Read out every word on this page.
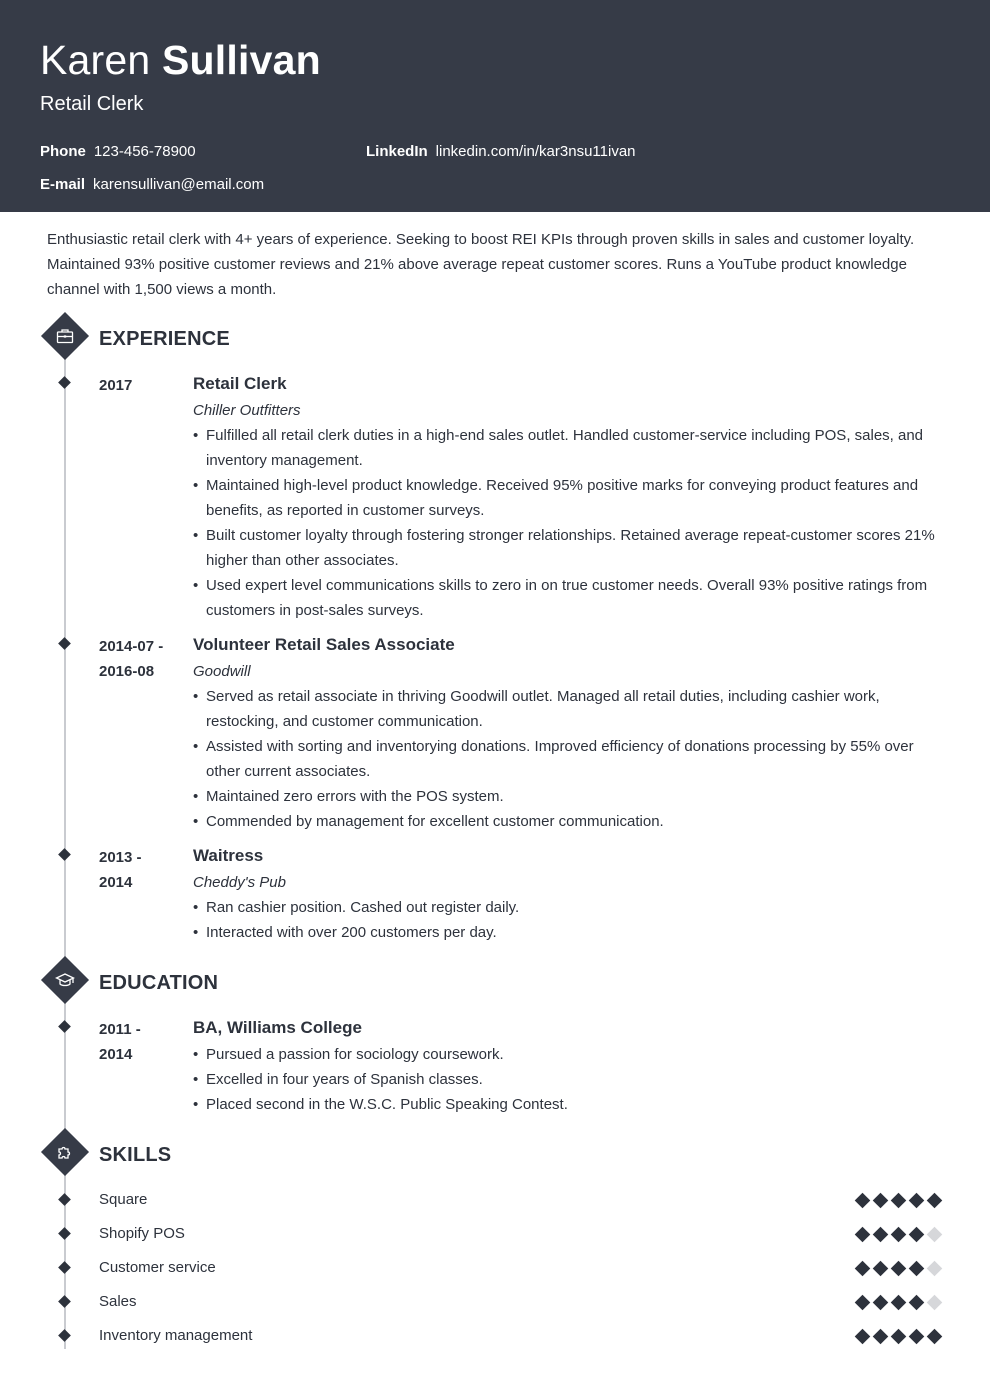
Karen Sullivan
Retail Clerk
Phone 123-456-78900	LinkedIn linkedin.com/in/kar3nsu11ivan
E-mail karensullivan@email.com

Enthusiastic retail clerk with 4+ years of experience. Seeking to boost REI KPIs through proven skills in sales and customer loyalty. Maintained 93% positive customer reviews and 21% above average repeat customer scores. Runs a YouTube product knowledge channel with 1,500 views a month.

EXPERIENCE
2017	Retail Clerk
Chiller Outfitters
• Fulfilled all retail clerk duties in a high-end sales outlet. Handled customer-service including POS, sales, and inventory management.
• Maintained high-level product knowledge. Received 95% positive marks for conveying product features and benefits, as reported in customer surveys.
• Built customer loyalty through fostering stronger relationships. Retained average repeat-customer scores 21% higher than other associates.
• Used expert level communications skills to zero in on true customer needs. Overall 93% positive ratings from customers in post-sales surveys.
2014-07 -
2016-08
Volunteer Retail Sales Associate
Goodwill
• Served as retail associate in thriving Goodwill outlet. Managed all retail duties, including cashier work, restocking, and customer communication.
• Assisted with sorting and inventorying donations. Improved efficiency of donations processing by 55% over other current associates.
• Maintained zero errors with the POS system.
• Commended by management for excellent customer communication.
2013 -
2014
Waitress
Cheddy's Pub
• Ran cashier position. Cashed out register daily.
• Interacted with over 200 customers per day.
EDUCATION
2011 -
2014
BA, Williams College
• Pursued a passion for sociology coursework.
• Excelled in four years of Spanish classes.
• Placed second in the W.S.C. Public Speaking Contest.
SKILLS
Square
Shopify POS
Customer service
Sales
Inventory management
